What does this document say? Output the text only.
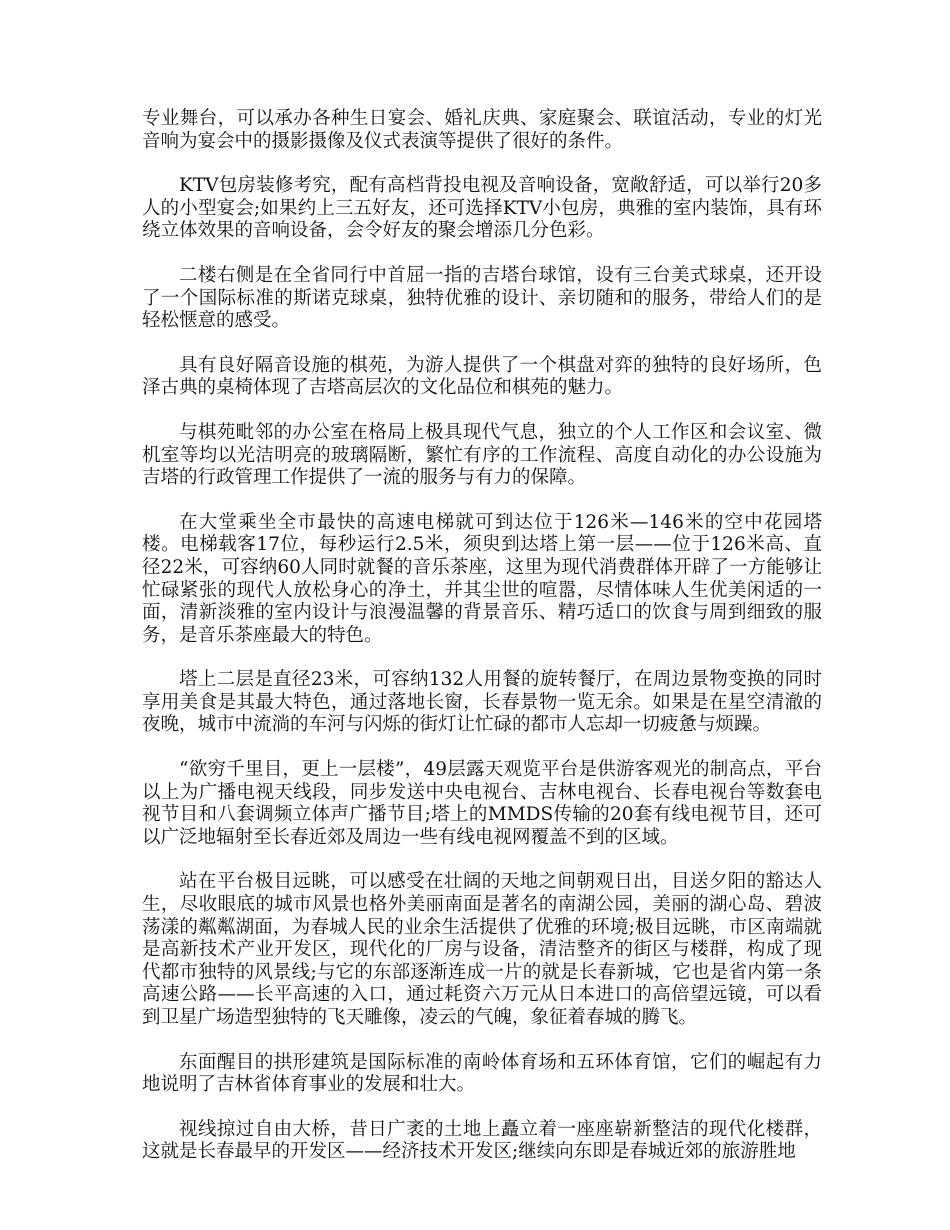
专业舞台，可以承办各种生日宴会、婚礼庆典、家庭聚会、联谊活动，专业的灯光音响为宴会中的摄影摄像及仪式表演等提供了很好的条件。

KTV包房装修考究，配有高档背投电视及音响设备，宽敞舒适，可以举行20多人的小型宴会;如果约上三五好友，还可选择KTV小包房，典雅的室内装饰，具有环绕立体效果的音响设备，会令好友的聚会增添几分色彩。

二楼右侧是在全省同行中首屈一指的吉塔台球馆，设有三台美式球桌，还开设了一个国际标准的斯诺克球桌，独特优雅的设计、亲切随和的服务，带给人们的是轻松惬意的感受。

具有良好隔音设施的棋苑，为游人提供了一个棋盘对弈的独特的良好场所，色泽古典的桌椅体现了吉塔高层次的文化品位和棋苑的魅力。

与棋苑毗邻的办公室在格局上极具现代气息，独立的个人工作区和会议室、微机室等均以光洁明亮的玻璃隔断，繁忙有序的工作流程、高度自动化的办公设施为吉塔的行政管理工作提供了一流的服务与有力的保障。

在大堂乘坐全市最快的高速电梯就可到达位于126米—146米的空中花园塔楼。电梯载客17位，每秒运行2.5米，须臾到达塔上第一层——位于126米高、直径22米，可容纳60人同时就餐的音乐茶座，这里为现代消费群体开辟了一方能够让忙碌紧张的现代人放松身心的净土，并其尘世的喧嚣，尽情体味人生优美闲适的一面，清新淡雅的室内设计与浪漫温馨的背景音乐、精巧适口的饮食与周到细致的服务，是音乐茶座最大的特色。

塔上二层是直径23米，可容纳132人用餐的旋转餐厅，在周边景物变换的同时享用美食是其最大特色，通过落地长窗，长春景物一览无余。如果是在星空清澈的夜晚，城市中流淌的车河与闪烁的街灯让忙碌的都市人忘却一切疲惫与烦躁。

“欲穷千里目，更上一层楼”，49层露天观览平台是供游客观光的制高点，平台以上为广播电视天线段，同步发送中央电视台、吉林电视台、长春电视台等数套电视节目和八套调频立体声广播节目;塔上的MMDS传输的20套有线电视节目，还可以广泛地辐射至长春近郊及周边一些有线电视网覆盖不到的区域。

站在平台极目远眺，可以感受在壮阔的天地之间朝观日出，目送夕阳的豁达人生，尽收眼底的城市风景也格外美丽南面是著名的南湖公园，美丽的湖心岛、碧波荡漾的粼粼湖面，为春城人民的业余生活提供了优雅的环境;极目远眺，市区南端就是高新技术产业开发区，现代化的厂房与设备，清洁整齐的街区与楼群，构成了现代都市独特的风景线;与它的东部逐渐连成一片的就是长春新城，它也是省内第一条高速公路——长平高速的入口，通过耗资六万元从日本进口的高倍望远镜，可以看到卫星广场造型独特的飞天雕像，凌云的气魄，象征着春城的腾飞。

东面醒目的拱形建筑是国际标准的南岭体育场和五环体育馆，它们的崛起有力地说明了吉林省体育事业的发展和壮大。

视线掠过自由大桥，昔日广袤的土地上矗立着一座座崭新整洁的现代化楼群，这就是长春最早的开发区——经济技术开发区;继续向东即是春城近郊的旅游胜地
